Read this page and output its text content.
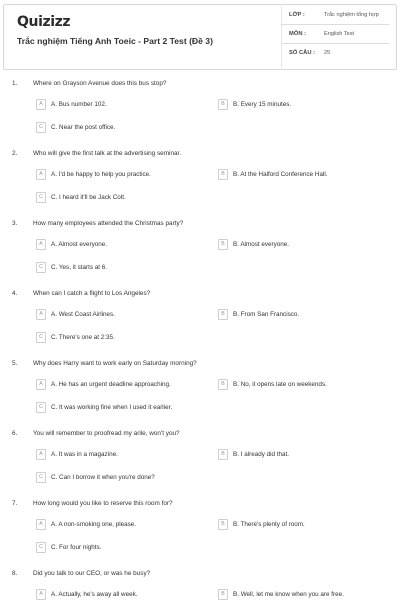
Quizizz
Trắc nghiệm Tiếng Anh Toeic - Part 2 Test (Đề 3)
LỚP :	Trắc nghiệm tổng hợp
MÔN :	English Test
SỐ CÂU : 25
1. Where on Grayson Avenue does this bus stop?
A	A. Bus number 102.	B	B. Every 15 minutes.
C	C. Near the post office.
2. Who will give the first talk at the advertising seminar.
A	A. I'd be happy to help you practice.	B	B. At the Halford Conference Hall.
C	C. I heard it'll be Jack Colt.
3. How many employees attended the Christmas party?
A	A. Almost everyone.	B	B. Almost everyone.
C	C. Yes, it starts at 6.
4. When can I catch a flight to Los Angeles?
A	A. West Coast Airlines.	B	B. From San Francisco.
C	C. There's one at 2:35.
5. Why does Harry want to work early on Saturday morning?
A	A. He has an urgent deadline approaching.	B	B. No, it opens late on weekends.
C	C. It was working fine when I used it earlier.
6. You will remember to proofread my arile, won't you?
A	A. It was in a magazine.	B	B. I already did that.
C	C. Can I borrow it when you're done?
7. How long would you like to reserve this room for?
A	A. A non-smoking one, please.	B	B. There's plenty of room.
C	C. For four nights.
8. Did you talk to our CEO, or was he busy?
A	A. Actually, he's away all week.	B	B. Well, let me know when you are free.
